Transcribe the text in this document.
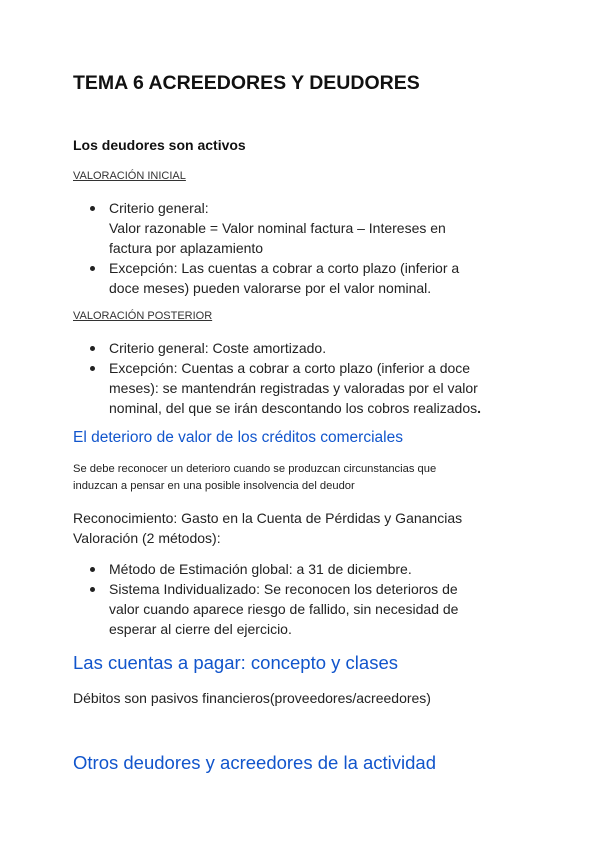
TEMA 6 ACREEDORES Y DEUDORES
Los deudores son activos

VALORACIÓN INICIAL

Criterio general:
Valor razonable = Valor nominal factura – Intereses en
factura por aplazamiento
Excepción: Las cuentas a cobrar a corto plazo (inferior a
doce meses) pueden valorarse por el valor nominal.

VALORACIÓN POSTERIOR

Criterio general: Coste amortizado.
Excepción: Cuentas a cobrar a corto plazo (inferior a doce
meses): se mantendrán registradas y valoradas por el valor
nominal, del que se irán descontando los cobros realizados.
El deterioro de valor de los créditos comerciales

Se debe reconocer un deterioro cuando se produzcan circunstancias que
induzcan a pensar en una posible insolvencia del deudor

Reconocimiento: Gasto en la Cuenta de Pérdidas y Ganancias
Valoración (2 métodos):

Método de Estimación global: a 31 de diciembre.
Sistema Individualizado: Se reconocen los deterioros de
valor cuando aparece riesgo de fallido, sin necesidad de
esperar al cierre del ejercicio.
Las cuentas a pagar: concepto y clases

Débitos son pasivos financieros(proveedores/acreedores)

Otros deudores y acreedores de la actividad
